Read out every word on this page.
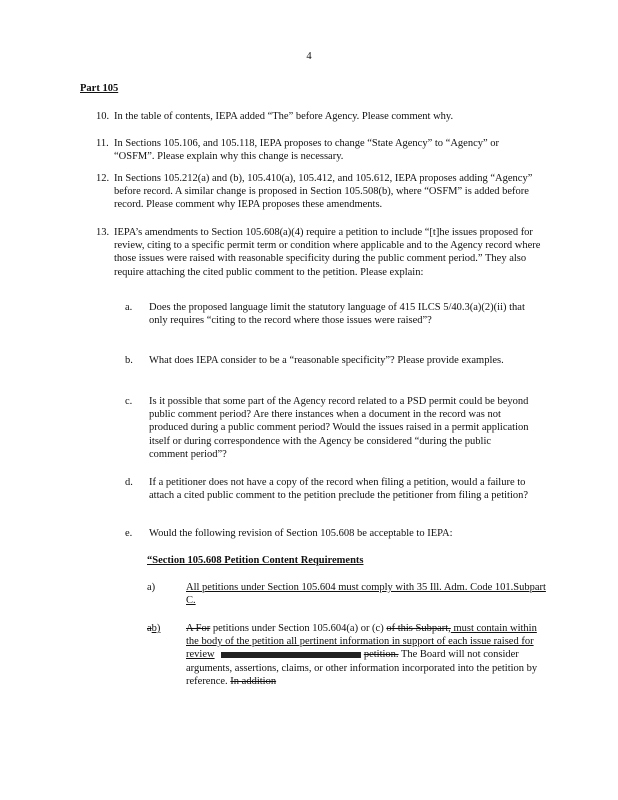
4
Part 105
10. In the table of contents, IEPA added “The” before Agency. Please comment why.
11. In Sections 105.106, and 105.118, IEPA proposes to change “State Agency” to “Agency” or “OSFM”. Please explain why this change is necessary.
12. In Sections 105.212(a) and (b), 105.410(a), 105.412, and 105.612, IEPA proposes adding “Agency” before record. A similar change is proposed in Section 105.508(b), where “OSFM” is added before record. Please comment why IEPA proposes these amendments.
13. IEPA’s amendments to Section 105.608(a)(4) require a petition to include “[t]he issues proposed for review, citing to a specific permit term or condition where applicable and to the Agency record where those issues were raised with reasonable specificity during the public comment period.” They also require attaching the cited public comment to the petition. Please explain:
a. Does the proposed language limit the statutory language of 415 ILCS 5/40.3(a)(2)(ii) that only requires “citing to the record where those issues were raised”?
b. What does IEPA consider to be a “reasonable specificity”? Please provide examples.
c. Is it possible that some part of the Agency record related to a PSD permit could be beyond public comment period? Are there instances when a document in the record was not produced during a public comment period? Would the issues raised in a permit application itself or during correspondence with the Agency be considered “during the public comment period”?
d. If a petitioner does not have a copy of the record when filing a petition, would a failure to attach a cited public comment to the petition preclude the petitioner from filing a petition?
e. Would the following revision of Section 105.608 be acceptable to IEPA:
“Section 105.608 Petition Content Requirements
a)	All petitions under Section 105.604 must comply with 35 Ill. Adm. Code 101.Subpart C.
ab) A For petitions under Section 105.604(a) or (c) of this Subpart, must contain within the body of the petition all pertinent information in support of each issue raised for review	petition. The Board will not consider arguments, assertions, claims, or other information incorporated into the petition by reference. In addition
